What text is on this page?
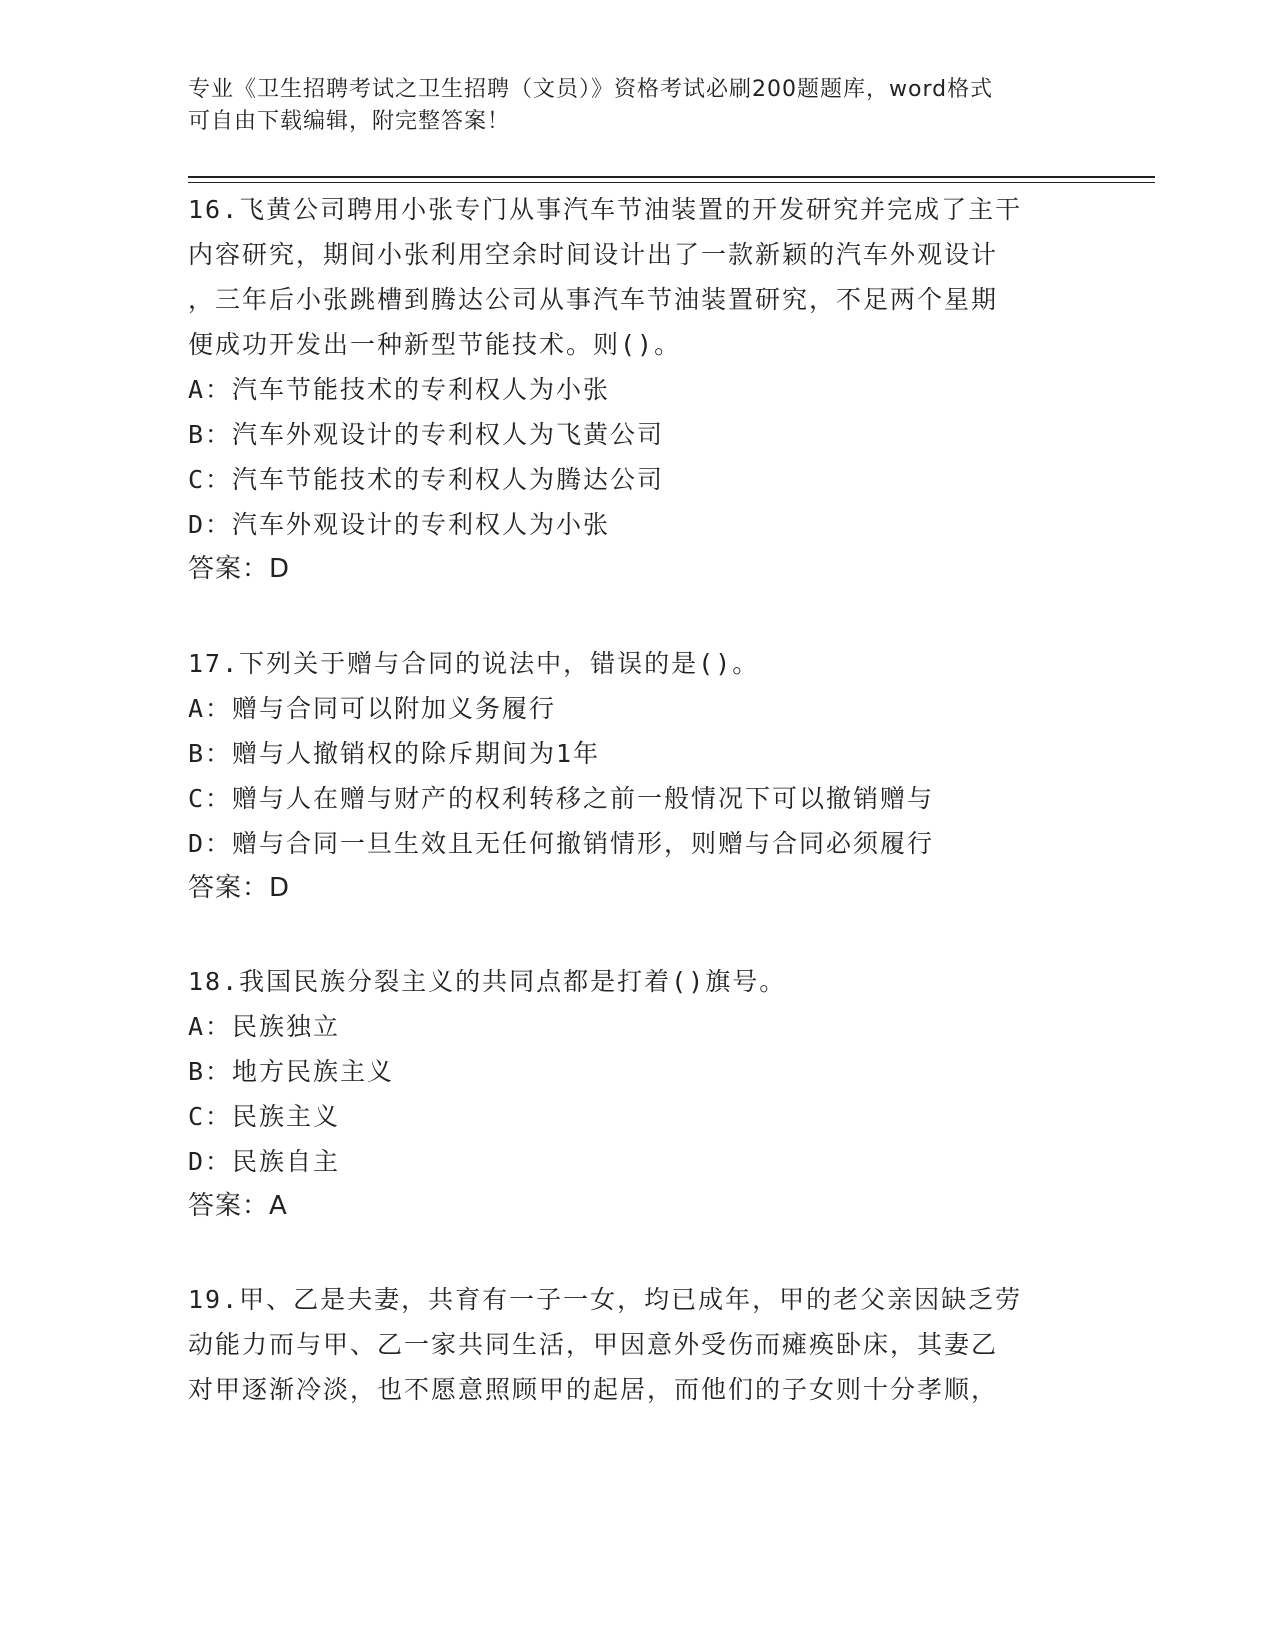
专业《卫生招聘考试之卫生招聘（文员）》资格考试必刷200题题库，word格式
可自由下载编辑，附完整答案！
16.飞黄公司聘用小张专门从事汽车节油装置的开发研究并完成了主干
内容研究，期间小张利用空余时间设计出了一款新颖的汽车外观设计
，三年后小张跳槽到腾达公司从事汽车节油装置研究，不足两个星期
便成功开发出一种新型节能技术。则()。
A：汽车节能技术的专利权人为小张
B：汽车外观设计的专利权人为飞黄公司
C：汽车节能技术的专利权人为腾达公司
D：汽车外观设计的专利权人为小张
答案：D
17.下列关于赠与合同的说法中，错误的是()。
A：赠与合同可以附加义务履行
B：赠与人撤销权的除斥期间为1年
C：赠与人在赠与财产的权利转移之前一般情况下可以撤销赠与
D：赠与合同一旦生效且无任何撤销情形，则赠与合同必须履行
答案：D
18.我国民族分裂主义的共同点都是打着()旗号。
A：民族独立
B：地方民族主义
C：民族主义
D：民族自主
答案：A
19.甲、乙是夫妻，共育有一子一女，均已成年，甲的老父亲因缺乏劳
动能力而与甲、乙一家共同生活，甲因意外受伤而瘫痪卧床，其妻乙
对甲逐渐冷淡，也不愿意照顾甲的起居，而他们的子女则十分孝顺，
